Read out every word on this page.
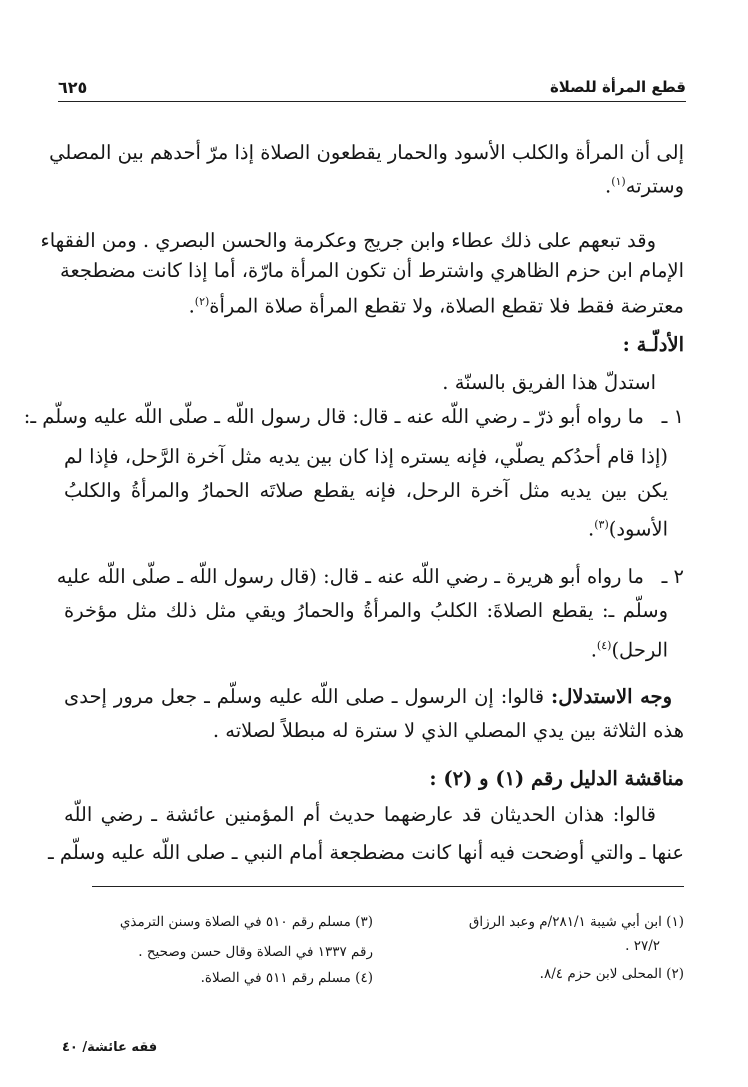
قطع المرأة للصلاة
٦٢٥
إلى أن المرأة والكلب الأسود والحمار يقطعون الصلاة إذا مرّ أحدهم بين المصلي
وسترته$^{(١)}$.
وقد تبعهم على ذلك عطاء وابن جريج وعكرمة والحسن البصري . ومن الفقهاء
الإمام ابن حزم الظاهري واشترط أن تكون المرأة مارّة، أما إذا كانت مضطجعة
معترضة فقط فلا تقطع الصلاة، ولا تقطع المرأة صلاة المرأة$^{(٢)}$.
الأدلّـة :
استدلّ هذا الفريق بالسنّة .
١ ـ
ما رواه أبو ذرّ ـ رضي اللّه عنه ـ قال: قال رسول اللّه ـ صلّى اللّه عليه وسلّم ـ:
(إذا قام أحدُكم يصلّي، فإنه يستره إذا كان بين يديه مثل آخرة الرَّحل، فإذا لم
يكن بين يديه مثل آخرة الرحل، فإنه يقطع صلاتَه الحمارُ والمرأةُ والكلبُ
الأسود)$^{(٣)}$.
٢ ـ
ما رواه أبو هريرة ـ رضي اللّه عنه ـ قال: (قال رسول اللّه ـ صلّى اللّه عليه
وسلّم ـ: يقطع الصلاةَ: الكلبُ والمرأةُ والحمارُ ويقي مثل ذلك مثل مؤخرة
الرحل)$^{(٤)}$.
وجه الاستدلال: قالوا: إن الرسول ـ صلى اللّه عليه وسلّم ـ جعل مرور إحدى
هذه الثلاثة بين يدي المصلي الذي لا سترة له مبطلاً لصلاته .
مناقشة الدليل رقم (١) و (٢) :
قالوا: هذان الحديثان قد عارضهما حديث أم المؤمنين عائشة ـ رضي اللّه
عنها ـ والتي أوضحت فيه أنها كانت مضطجعة أمام النبي ـ صلى اللّه عليه وسلّم ـ
(١) ابن أبي شيبة ٢٨١/١/م وعبد الرزاق
٢٧/٢ .
(٢) المحلى لابن حزم ٨/٤.
(٣) مسلم رقم ٥١٠ في الصلاة وسنن الترمذي
رقم ١٣٣٧ في الصلاة وقال حسن وصحيح .
(٤) مسلم رقم ٥١١ في الصلاة.
فقه عائشة/ ٤٠
